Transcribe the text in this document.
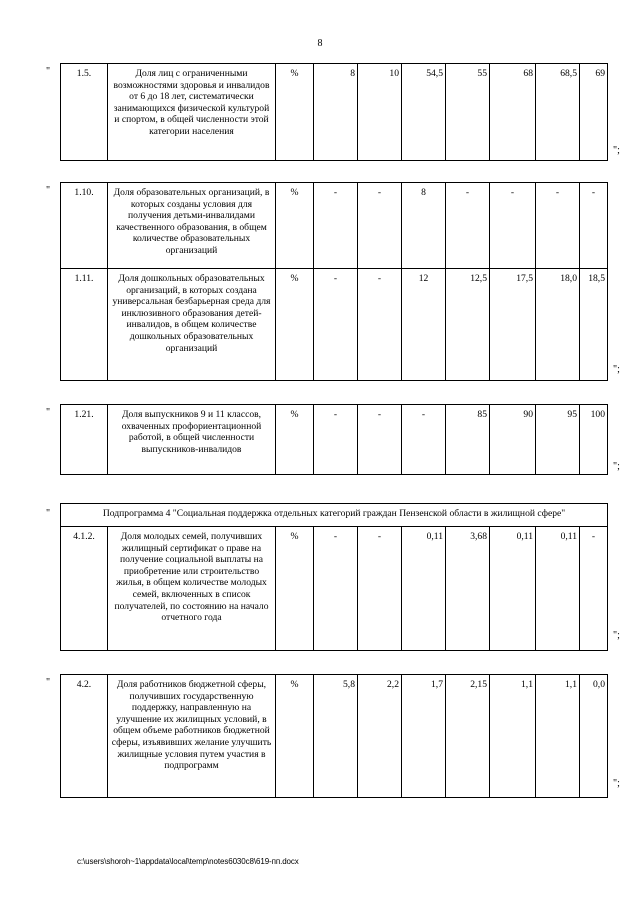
8
"	1.5.	Доля лиц с ограниченными возможностями здоровья и инвалидов от 6 до 18 лет, систематически занимающихся физической культурой и спортом, в общей численности этой категории населения	%	8	10	54,5	55	68	68,5	69
";
"	1.10.	Доля образовательных организаций, в которых созданы условия для получения детьми-инвалидами качественного образования, в общем количестве образовательных организаций	%	-	-	8	-	-	-	-
1.11.	Доля дошкольных образовательных организаций, в которых создана универсальная безбарьерная среда для инклюзивного образования детей-инвалидов, в общем количестве дошкольных образовательных организаций	%	-	-	12	12,5	17,5	18,0	18,5
";
"	1.21.	Доля выпускников 9 и 11 классов, охваченных профориентационной работой, в общей численности выпускников-инвалидов	%	-	-	-	85	90	95	100
";
"	Подпрограмма 4 "Социальная поддержка отдельных категорий граждан Пензенской области в жилищной сфере"
4.1.2.	Доля молодых семей, получивших жилищный сертификат о праве на получение социальной выплаты на приобретение или строительство жилья, в общем количестве молодых семей, включенных в список получателей, по состоянию на начало отчетного года	%	-	-	0,11	3,68	0,11	0,11	-
";
"	4.2.	Доля работников бюджетной сферы, получивших государственную поддержку, направленную на улучшение их жилищных условий, в общем объеме работников бюджетной сферы, изъявивших желание улучшить жилищные условия путем участия в подпрограмм	%	5,8	2,2	1,7	2,15	1,1	1,1	0,0
";
c:\users\shoroh~1\appdata\local\temp\notes6030c8\619-пп.docx
